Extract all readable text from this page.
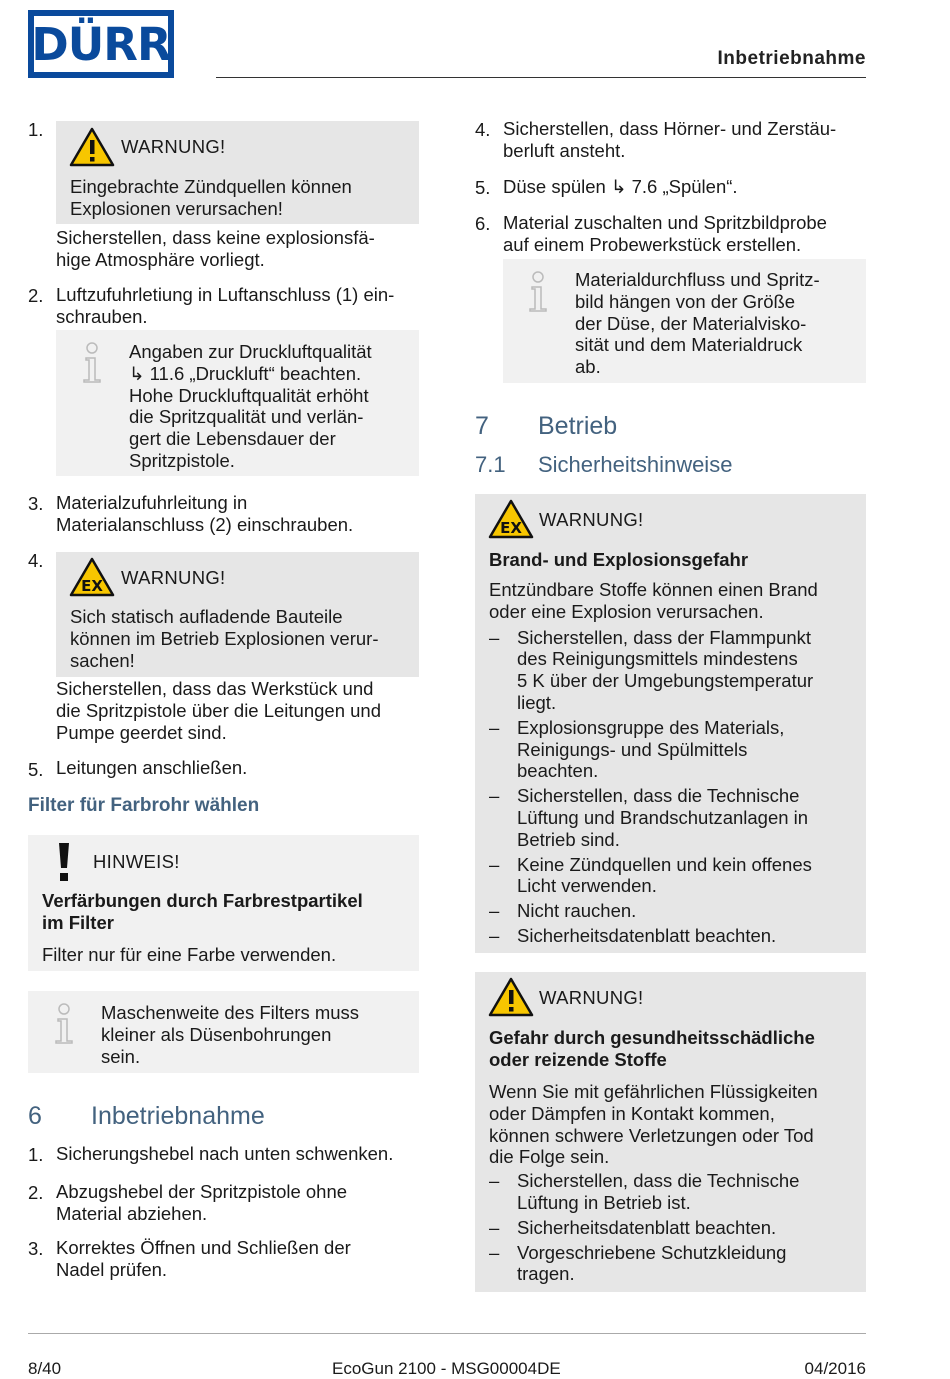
DÜRR	Inbetriebnahme
1.
WARNUNG!
Eingebrachte Zündquellen können
Explosionen verursachen!
Sicherstellen, dass keine explosionsfä-
hige Atmosphäre vorliegt.
2. Luftzufuhrletiung in Luftanschluss (1) ein-
schrauben.
Angaben zur Druckluftqualität
↳ 11.6 „Druckluft“ beachten.
Hohe Druckluftqualität erhöht
die Spritzqualität und verlän-
gert die Lebensdauer der
Spritzpistole.
3. Materialzufuhrleitung in
Materialanschluss (2) einschrauben.
4.
EX WARNUNG!
Sich statisch aufladende Bauteile
können im Betrieb Explosionen verur-
sachen!
Sicherstellen, dass das Werkstück und
die Spritzpistole über die Leitungen und
Pumpe geerdet sind.
5. Leitungen anschließen.
Filter für Farbrohr wählen
HINWEIS!
Verfärbungen durch Farbrestpartikel
im Filter
Filter nur für eine Farbe verwenden.
Maschenweite des Filters muss
kleiner als Düsenbohrungen
sein.
6 Inbetriebnahme
1. Sicherungshebel nach unten schwenken.
2. Abzugshebel der Spritzpistole ohne
Material abziehen.
3. Korrektes Öffnen und Schließen der
Nadel prüfen.
4. Sicherstellen, dass Hörner- und Zerstäu-
berluft ansteht.
5. Düse spülen ↳ 7.6 „Spülen“.
6. Material zuschalten und Spritzbildprobe
auf einem Probewerkstück erstellen.
Materialdurchfluss und Spritz-
bild hängen von der Größe
der Düse, der Materialvisko-
sität und dem Materialdruck
ab.
7 Betrieb
7.1 Sicherheitshinweise
EX WARNUNG!
Brand- und Explosionsgefahr
Entzündbare Stoffe können einen Brand
oder eine Explosion verursachen.
– Sicherstellen, dass der Flammpunkt
des Reinigungsmittels mindestens
5 K über der Umgebungstemperatur
liegt.
– Explosionsgruppe des Materials,
Reinigungs- und Spülmittels
beachten.
– Sicherstellen, dass die Technische
Lüftung und Brandschutzanlagen in
Betrieb sind.
– Keine Zündquellen und kein offenes
Licht verwenden.
– Nicht rauchen.
– Sicherheitsdatenblatt beachten.
WARNUNG!
Gefahr durch gesundheitsschädliche
oder reizende Stoffe
Wenn Sie mit gefährlichen Flüssigkeiten
oder Dämpfen in Kontakt kommen,
können schwere Verletzungen oder Tod
die Folge sein.
– Sicherstellen, dass die Technische
Lüftung in Betrieb ist.
– Sicherheitsdatenblatt beachten.
– Vorgeschriebene Schutzkleidung
tragen.
8/40	EcoGun 2100 - MSG00004DE	04/2016
